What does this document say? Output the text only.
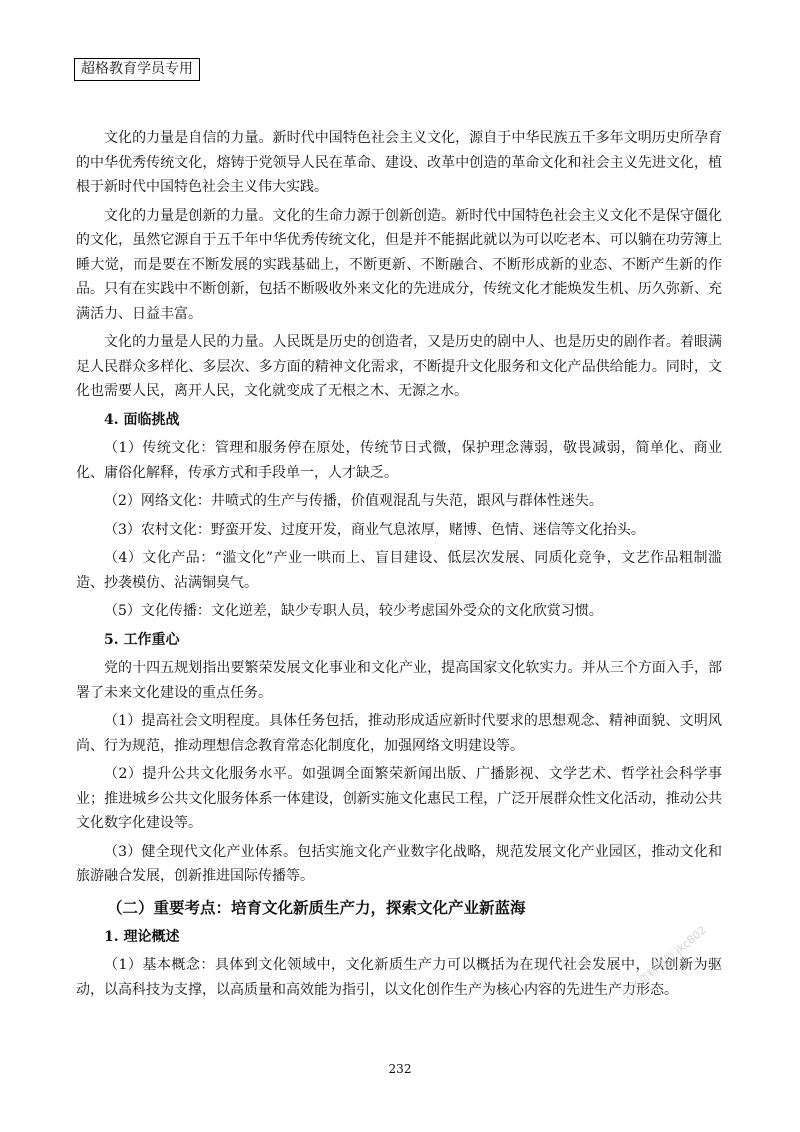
超格教育学员专用

文化的力量是自信的力量。新时代中国特色社会主义文化，源自于中华民族五千多年文明历史所孕育的中华优秀传统文化，熔铸于党领导人民在革命、建设、改革中创造的革命文化和社会主义先进文化，植根于新时代中国特色社会主义伟大实践。

文化的力量是创新的力量。文化的生命力源于创新创造。新时代中国特色社会主义文化不是保守僵化的文化，虽然它源自于五千年中华优秀传统文化，但是并不能据此就以为可以吃老本、可以躺在功劳簿上睡大觉，而是要在不断发展的实践基础上，不断更新、不断融合、不断形成新的业态、不断产生新的作品。只有在实践中不断创新，包括不断吸收外来文化的先进成分，传统文化才能焕发生机、历久弥新、充满活力、日益丰富。

文化的力量是人民的力量。人民既是历史的创造者，又是历史的剧中人、也是历史的剧作者。着眼满足人民群众多样化、多层次、多方面的精神文化需求，不断提升文化服务和文化产品供给能力。同时，文化也需要人民，离开人民，文化就变成了无根之木、无源之水。

4. 面临挑战

（1）传统文化：管理和服务停在原处，传统节日式微，保护理念薄弱，敬畏减弱，简单化、商业化、庸俗化解释，传承方式和手段单一，人才缺乏。

（2）网络文化：井喷式的生产与传播，价值观混乱与失范，跟风与群体性迷失。

（3）农村文化：野蛮开发、过度开发，商业气息浓厚，赌博、色情、迷信等文化抬头。

（4）文化产品：“滥文化”产业一哄而上、盲目建设、低层次发展、同质化竞争，文艺作品粗制滥造、抄袭模仿、沾满铜臭气。

（5）文化传播：文化逆差，缺少专职人员，较少考虑国外受众的文化欣赏习惯。

5. 工作重心

党的十四五规划指出要繁荣发展文化事业和文化产业，提高国家文化软实力。并从三个方面入手，部署了未来文化建设的重点任务。

（1）提高社会文明程度。具体任务包括，推动形成适应新时代要求的思想观念、精神面貌、文明风尚、行为规范，推动理想信念教育常态化制度化，加强网络文明建设等。

（2）提升公共文化服务水平。如强调全面繁荣新闻出版、广播影视、文学艺术、哲学社会科学事业；推进城乡公共文化服务体系一体建设，创新实施文化惠民工程，广泛开展群众性文化活动，推动公共文化数字化建设等。

（3）健全现代文化产业体系。包括实施文化产业数字化战略，规范发展文化产业园区，推动文化和旅游融合发展，创新推进国际传播等。

（二）重要考点：培育文化新质生产力，探索文化产业新蓝海

1. 理论概述

（1）基本概念：具体到文化领域中，文化新质生产力可以概括为在现代社会发展中，以创新为驱动，以高科技为支撑，以高质量和高效能为指引，以文化创作生产为核心内容的先进生产力形态。

公考资料微信 jkc802
232
